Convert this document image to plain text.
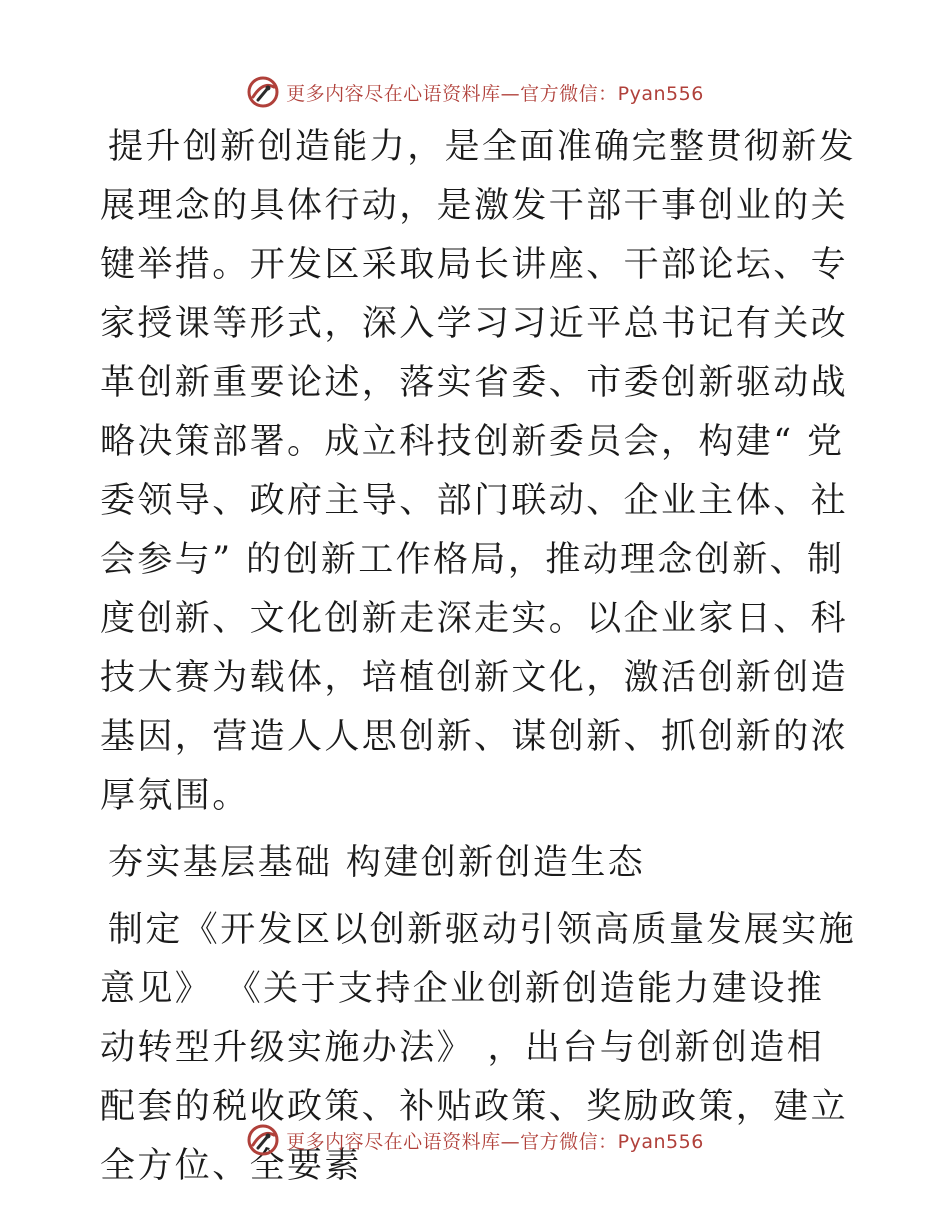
更多内容尽在心语资料库—官方微信：Pyan556

提升创新创造能力，是全面准确完整贯彻新发展理念的具体行动，是激发干部干事创业的关键举措。开发区采取局长讲座、干部论坛、专家授课等形式，深入学习习近平总书记有关改革创新重要论述，落实省委、市委创新驱动战略决策部署。成立科技创新委员会，构建“ 党委领导、政府主导、部门联动、企业主体、社会参与” 的创新工作格局，推动理念创新、制度创新、文化创新走深走实。以企业家日、科技大赛为载体，培植创新文化，激活创新创造基因，营造人人思创新、谋创新、抓创新的浓厚氛围。

夯实基层基础 构建创新创造生态

制定《开发区以创新驱动引领高质量发展实施意见》 《关于支持企业创新创造能力建设推动转型升级实施办法》 ，出台与创新创造相配套的税收政策、补贴政策、奖励政策，建立全方位、全要素

更多内容尽在心语资料库—官方微信：Pyan556
